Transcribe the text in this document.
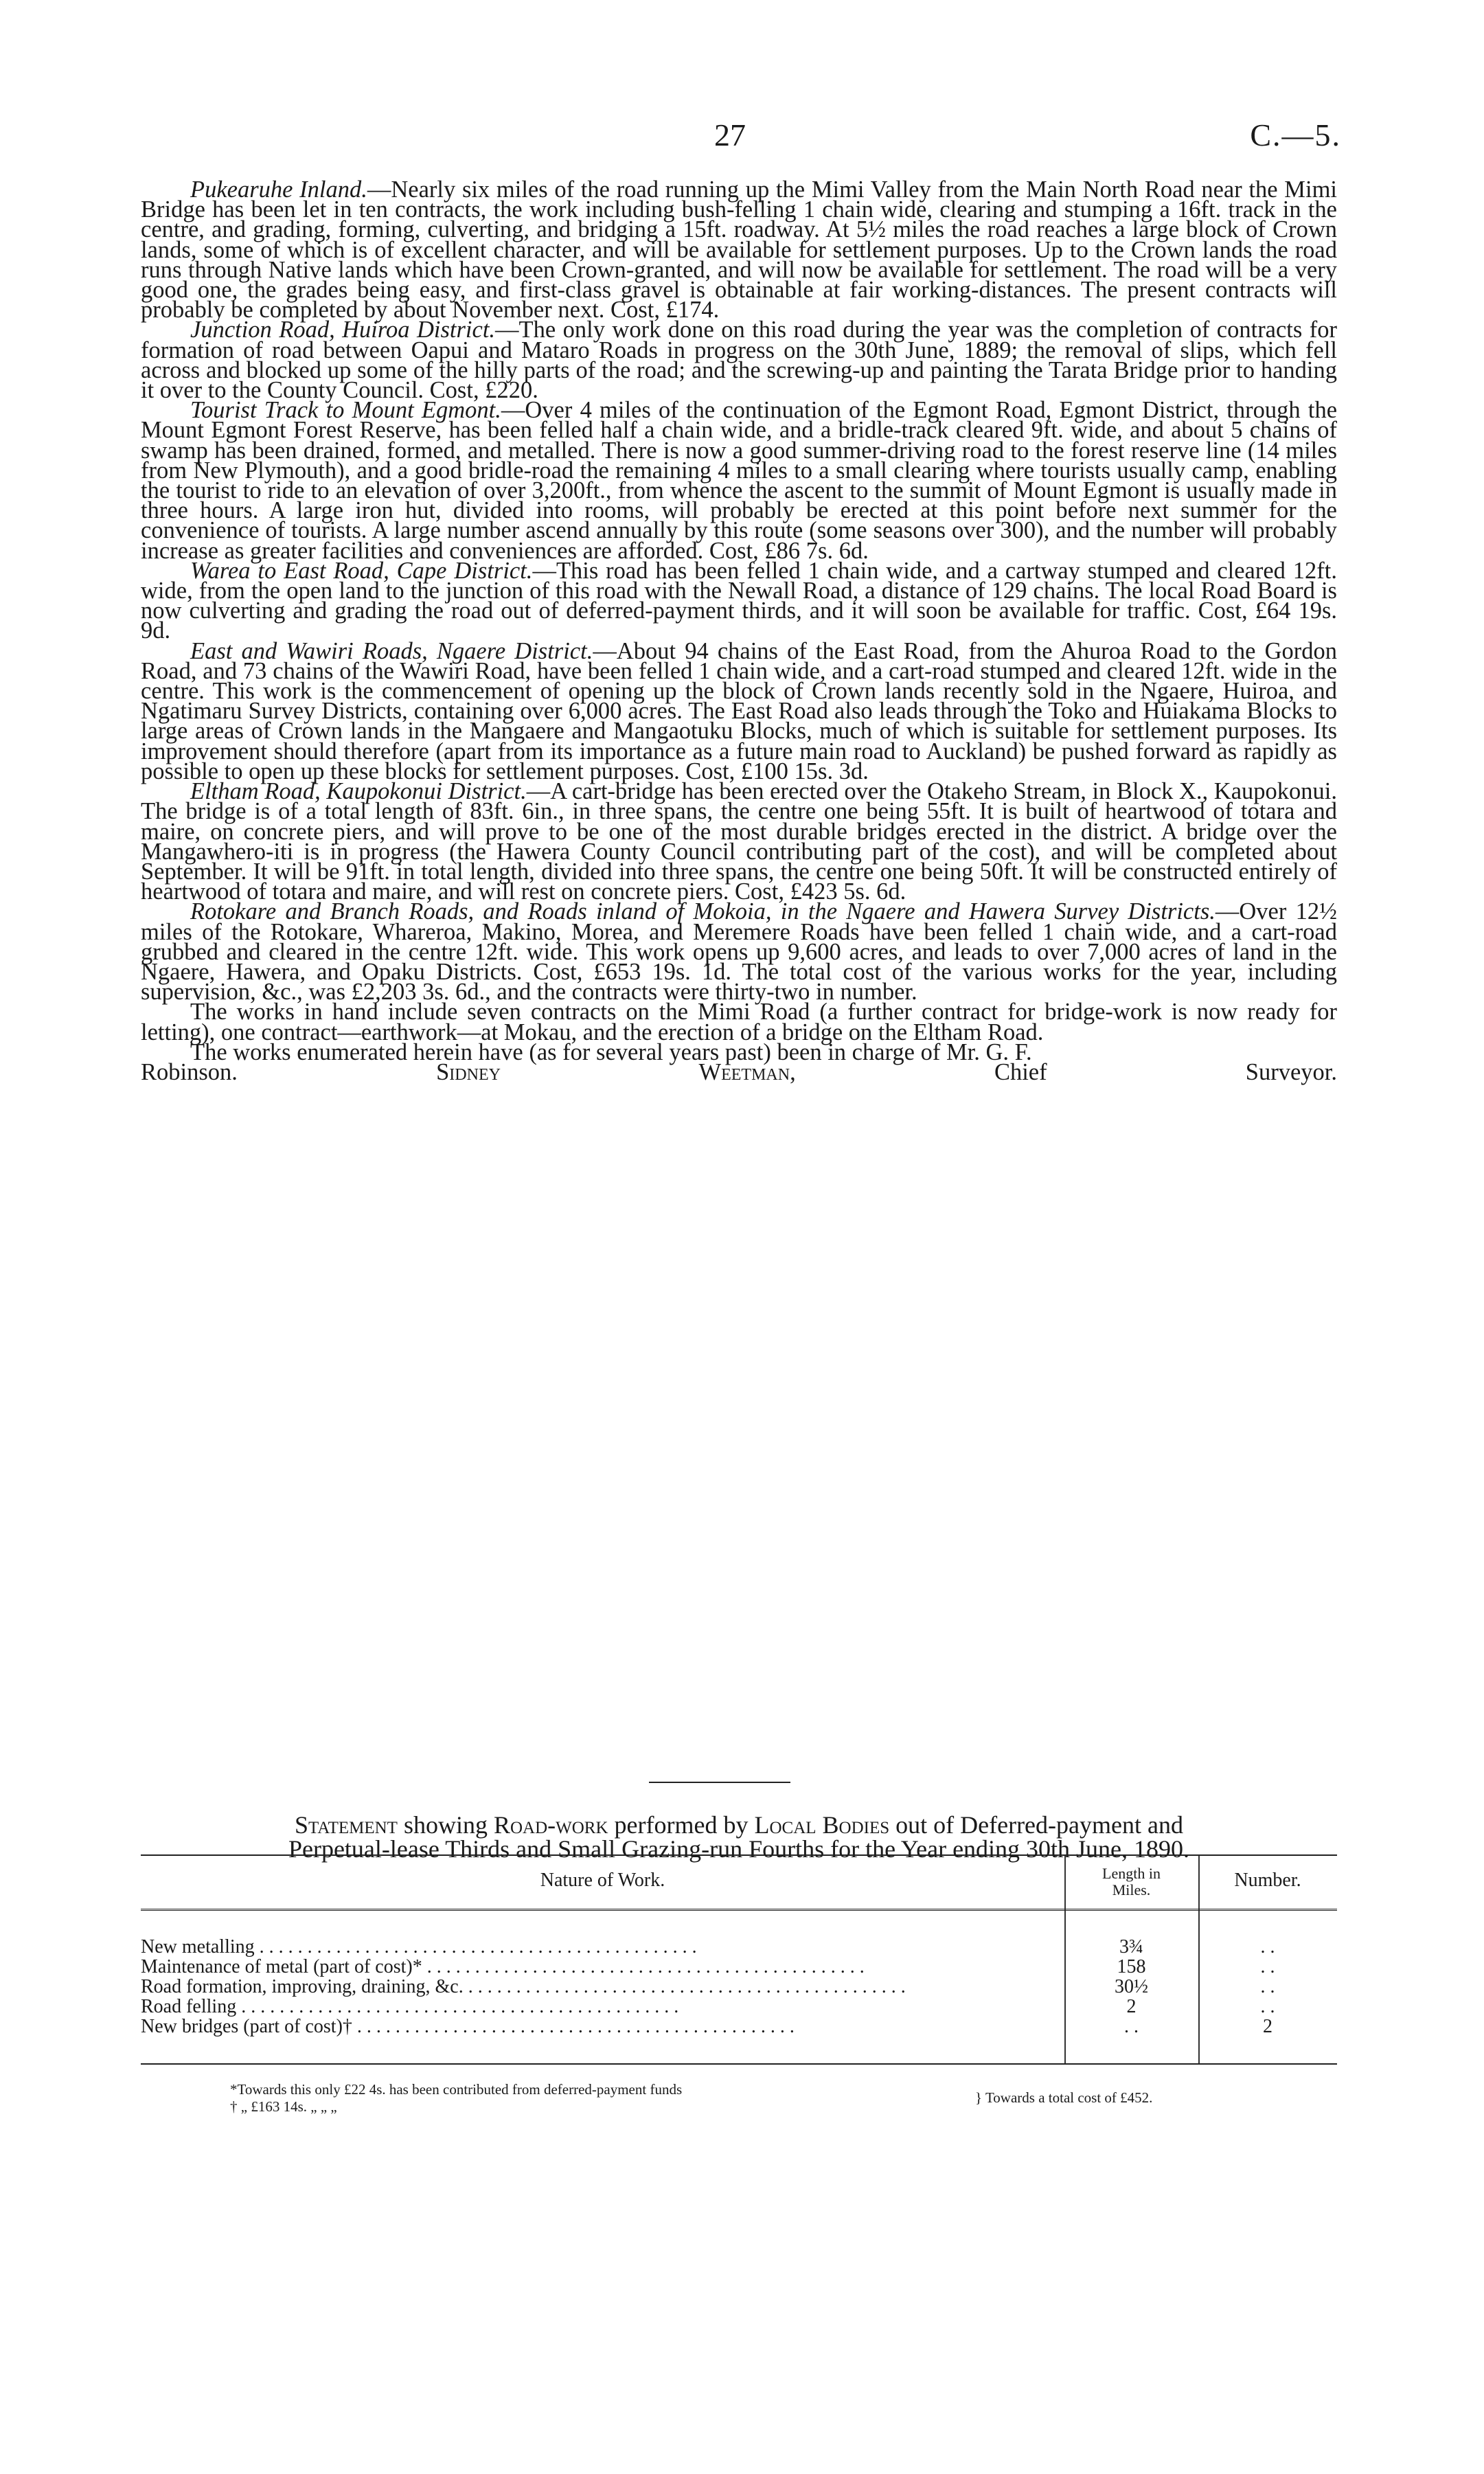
27	C.—5.

Pukearuhe Inland.—Nearly six miles of the road running up the Mimi Valley from the Main North Road near the Mimi Bridge has been let in ten contracts, the work including bush-felling 1 chain wide, clearing and stumping a 16ft. track in the centre, and grading, forming, culverting, and bridging a 15ft. roadway. At 5½ miles the road reaches a large block of Crown lands, some of which is of excellent character, and will be available for settlement purposes. Up to the Crown lands the road runs through Native lands which have been Crown-granted, and will now be available for settlement. The road will be a very good one, the grades being easy, and first-class gravel is obtainable at fair working-distances. The present contracts will probably be completed by about November next. Cost, £174.

Junction Road, Huiroa District.—The only work done on this road during the year was the completion of contracts for formation of road between Oapui and Mataro Roads in progress on the 30th June, 1889; the removal of slips, which fell across and blocked up some of the hilly parts of the road; and the screwing-up and painting the Tarata Bridge prior to handing it over to the County Council. Cost, £220.

Tourist Track to Mount Egmont.—Over 4 miles of the continuation of the Egmont Road, Egmont District, through the Mount Egmont Forest Reserve, has been felled half a chain wide, and a bridle-track cleared 9ft. wide, and about 5 chains of swamp has been drained, formed, and metalled. There is now a good summer-driving road to the forest reserve line (14 miles from New Plymouth), and a good bridle-road the remaining 4 miles to a small clearing where tourists usually camp, enabling the tourist to ride to an elevation of over 3,200ft., from whence the ascent to the summit of Mount Egmont is usually made in three hours. A large iron hut, divided into rooms, will probably be erected at this point before next summer for the convenience of tourists. A large number ascend annually by this route (some seasons over 300), and the number will probably increase as greater facilities and conveniences are afforded. Cost, £86 7s. 6d.

Warea to East Road, Cape District.—This road has been felled 1 chain wide, and a cartway stumped and cleared 12ft. wide, from the open land to the junction of this road with the Newall Road, a distance of 129 chains. The local Road Board is now culverting and grading the road out of deferred-payment thirds, and it will soon be available for traffic. Cost, £64 19s. 9d.

East and Wawiri Roads, Ngaere District.—About 94 chains of the East Road, from the Ahuroa Road to the Gordon Road, and 73 chains of the Wawiri Road, have been felled 1 chain wide, and a cart-road stumped and cleared 12ft. wide in the centre. This work is the commencement of opening up the block of Crown lands recently sold in the Ngaere, Huiroa, and Ngatimaru Survey Districts, containing over 6,000 acres. The East Road also leads through the Toko and Huiakama Blocks to large areas of Crown lands in the Mangaere and Mangaotuku Blocks, much of which is suitable for settlement purposes. Its improvement should therefore (apart from its importance as a future main road to Auckland) be pushed forward as rapidly as possible to open up these blocks for settlement purposes. Cost, £100 15s. 3d.

Eltham Road, Kaupokonui District.—A cart-bridge has been erected over the Otakeho Stream, in Block X., Kaupokonui. The bridge is of a total length of 83ft. 6in., in three spans, the centre one being 55ft. It is built of heartwood of totara and maire, on concrete piers, and will prove to be one of the most durable bridges erected in the district. A bridge over the Mangawhero-iti is in progress (the Hawera County Council contributing part of the cost), and will be completed about September. It will be 91ft. in total length, divided into three spans, the centre one being 50ft. It will be constructed entirely of heartwood of totara and maire, and will rest on concrete piers. Cost, £423 5s. 6d.

Rotokare and Branch Roads, and Roads inland of Mokoia, in the Ngaere and Hawera Survey Districts.—Over 12½ miles of the Rotokare, Whareroa, Makino, Morea, and Meremere Roads have been felled 1 chain wide, and a cart-road grubbed and cleared in the centre 12ft. wide. This work opens up 9,600 acres, and leads to over 7,000 acres of land in the Ngaere, Hawera, and Opaku Districts. Cost, £653 19s. 1d. The total cost of the various works for the year, including supervision, &c., was £2,203 3s. 6d., and the contracts were thirty-two in number.

The works in hand include seven contracts on the Mimi Road (a further contract for bridge-work is now ready for letting), one contract—earthwork—at Mokau, and the erection of a bridge on the Eltham Road.

The works enumerated herein have (as for several years past) been in charge of Mr. G. F.

Robinson.	Sidney Weetman, Chief Surveyor.

Statement showing Road-work performed by Local Bodies out of Deferred-payment and
Perpetual-lease Thirds and Small Grazing-run Fourths for the Year ending 30th June, 1890.
Nature of Work.	Length in
Miles.	Number.
New metalling . .	3¾	. .
Maintenance of metal (part of cost)* . .	158	. .
Road formation, improving, draining, &c. . .	30½	. .
Road felling . .	2	. .
New bridges (part of cost)† . .	. .	2
*Towards this only £22 4s. has been contributed from deferred-payment funds
† „ £163 14s. „ „ „
} Towards a total cost of £452.
